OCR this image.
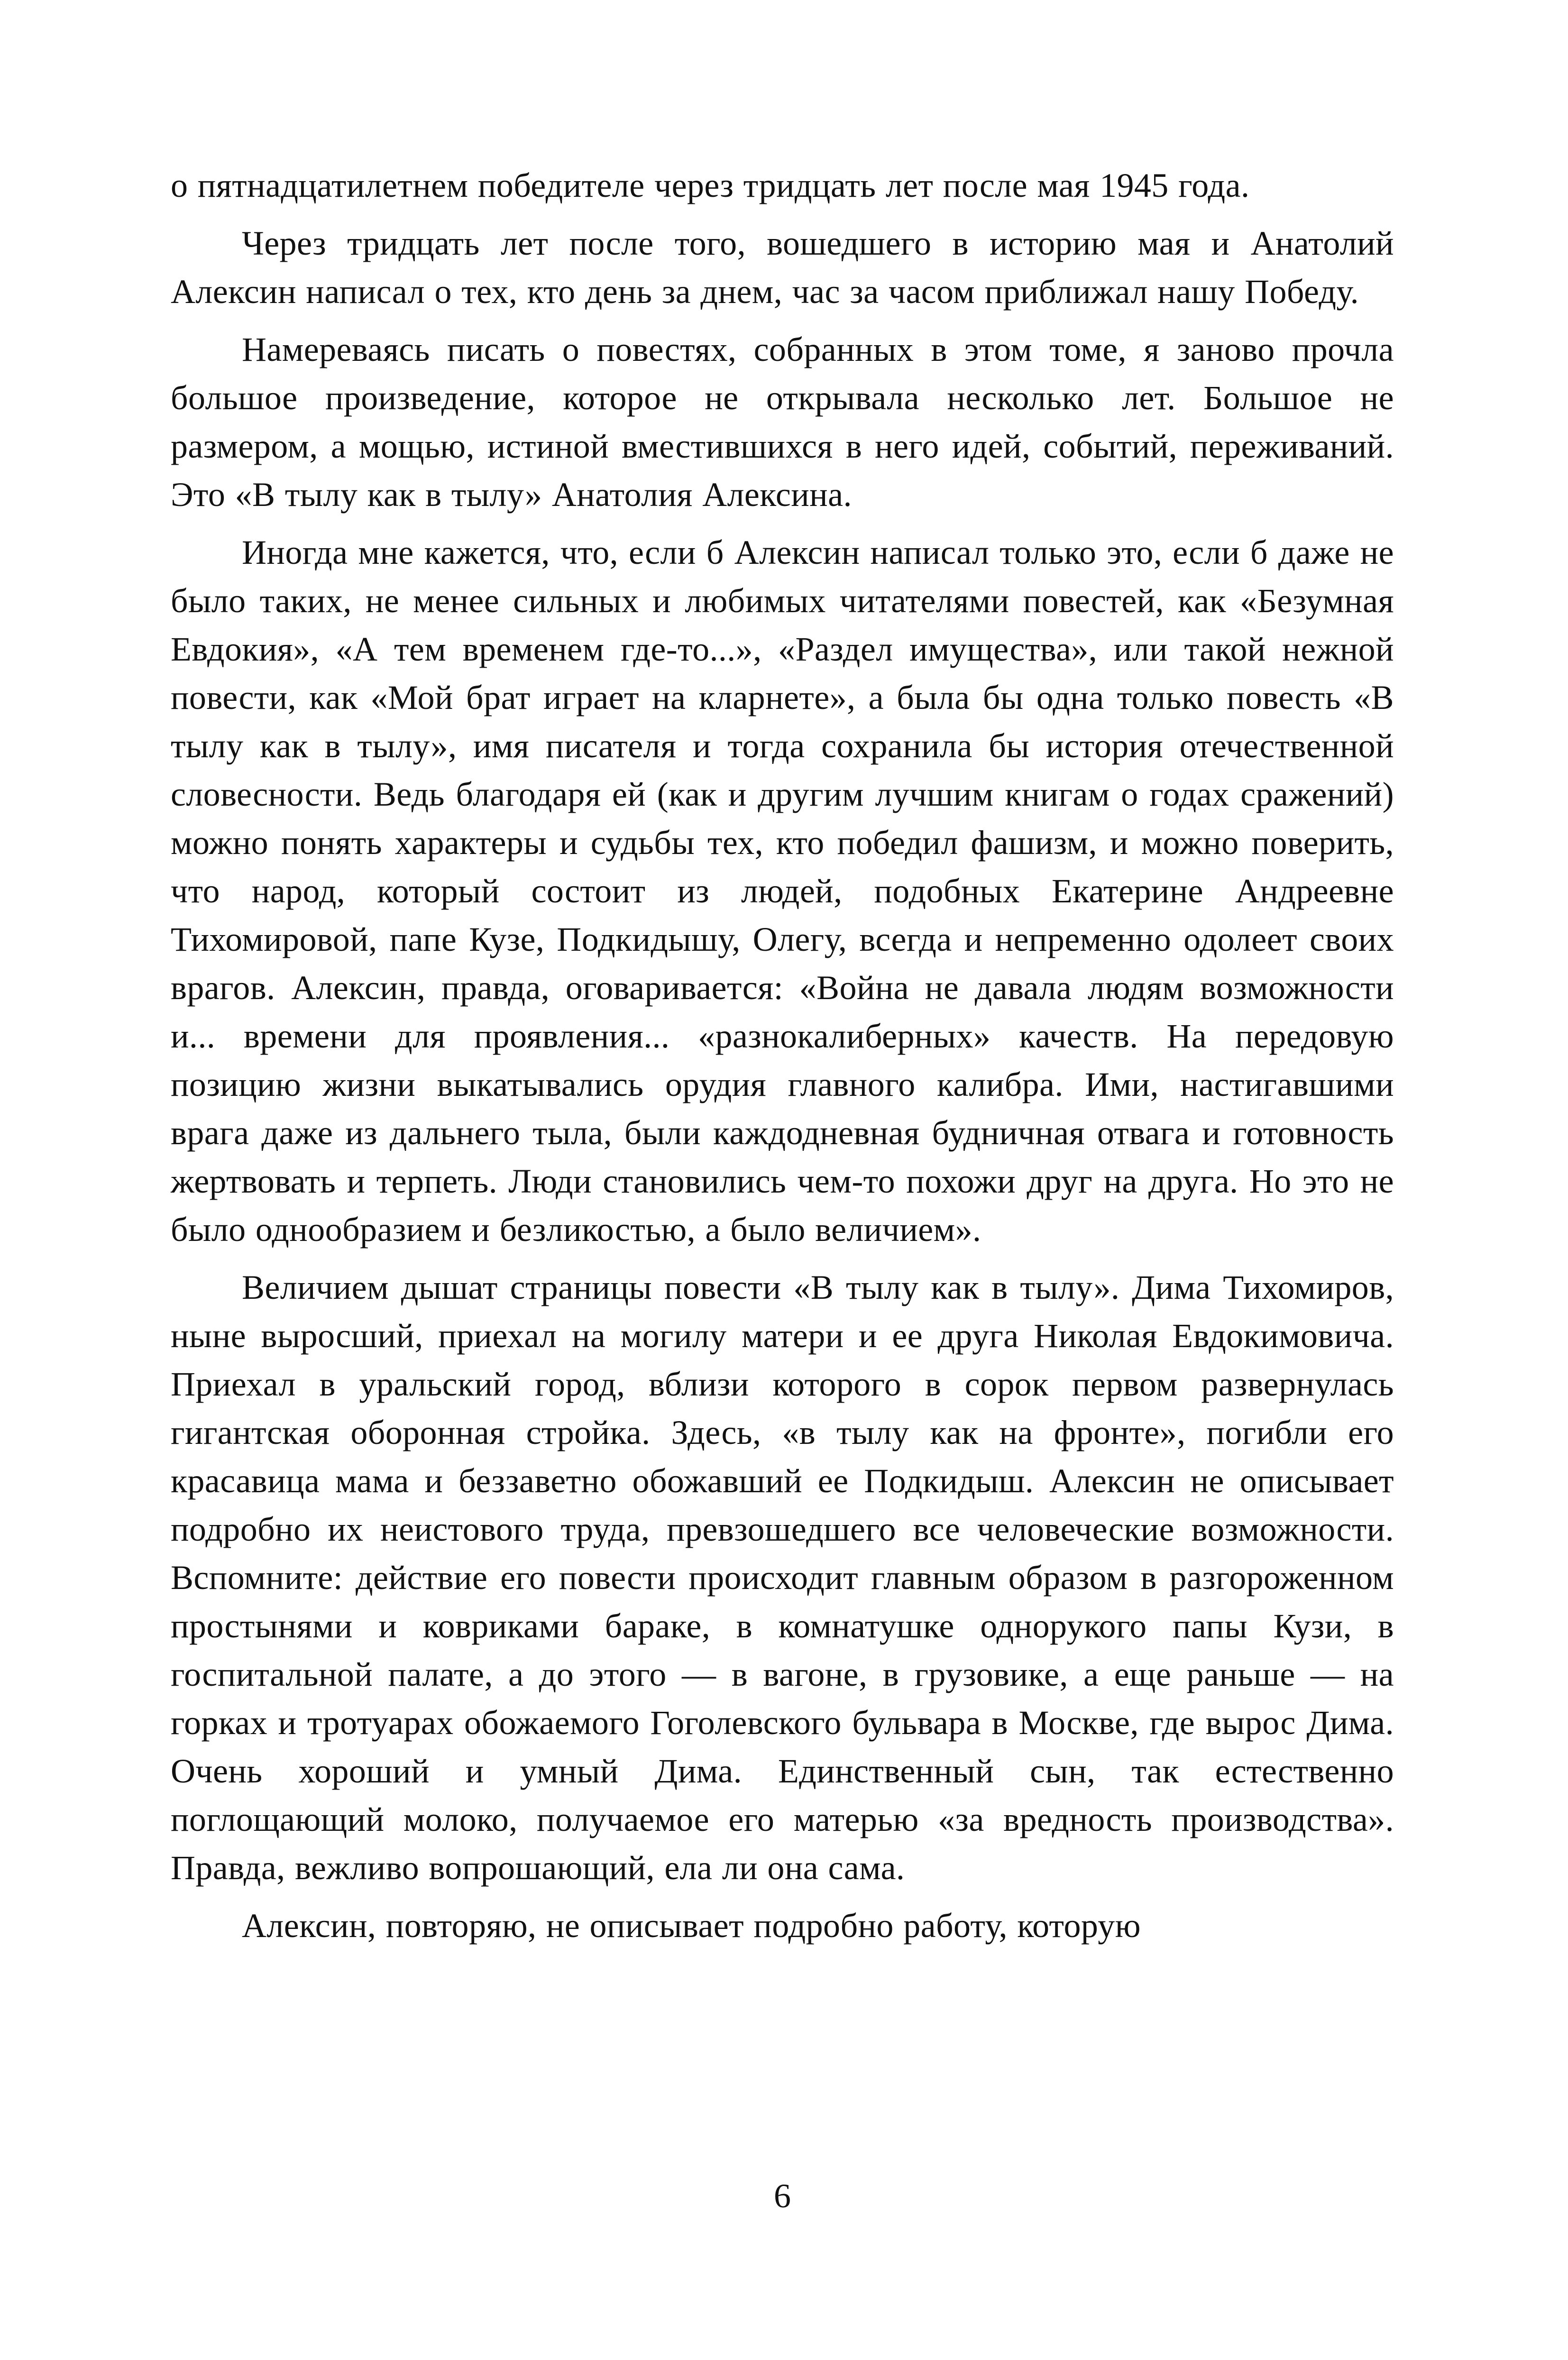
о пятнадцатилетнем победителе через тридцать лет после мая 1945 года.

Через тридцать лет после того, вошедшего в историю мая и Анатолий Алексин написал о тех, кто день за днем, час за часом приближал нашу Победу.

Намереваясь писать о повестях, собранных в этом томе, я заново прочла большое произведение, которое не открывала несколько лет. Большое не размером, а мощью, истиной вместившихся в него идей, событий, переживаний. Это «В тылу как в тылу» Анатолия Алексина.

Иногда мне кажется, что, если б Алексин написал только это, если б даже не было таких, не менее сильных и любимых читателями повестей, как «Безумная Евдокия», «А тем временем где-то...», «Раздел имущества», или такой нежной повести, как «Мой брат играет на кларнете», а была бы одна только повесть «В тылу как в тылу», имя писателя и тогда сохранила бы история отечественной словесности. Ведь благодаря ей (как и другим лучшим книгам о годах сражений) можно понять характеры и судьбы тех, кто победил фашизм, и можно поверить, что народ, который состоит из людей, подобных Екатерине Андреевне Тихомировой, папе Кузе, Подкидышу, Олегу, всегда и непременно одолеет своих врагов. Алексин, правда, оговаривается: «Война не давала людям возможности и... времени для проявления... «разнокалиберных» качеств. На передовую позицию жизни выкатывались орудия главного калибра. Ими, настигавшими врага даже из дальнего тыла, были каждодневная будничная отвага и готовность жертвовать и терпеть. Люди становились чем-то похожи друг на друга. Но это не было однообразием и безликостью, а было величием».

Величием дышат страницы повести «В тылу как в тылу». Дима Тихомиров, ныне выросший, приехал на могилу матери и ее друга Николая Евдокимовича. Приехал в уральский город, вблизи которого в сорок первом развернулась гигантская оборонная стройка. Здесь, «в тылу как на фронте», погибли его красавица мама и беззаветно обожавший ее Подкидыш. Алексин не описывает подробно их неистового труда, превзошедшего все человеческие возможности. Вспомните: действие его повести происходит главным образом в разгороженном простынями и ковриками бараке, в комнатушке однорукого папы Кузи, в госпитальной палате, а до этого — в вагоне, в грузовике, а еще раньше — на горках и тротуарах обожаемого Гоголевского бульвара в Москве, где вырос Дима. Очень хороший и умный Дима. Единственный сын, так естественно поглощающий молоко, получаемое его матерью «за вредность производства». Правда, вежливо вопрошающий, ела ли она сама.

Алексин, повторяю, не описывает подробно работу, которую

6
